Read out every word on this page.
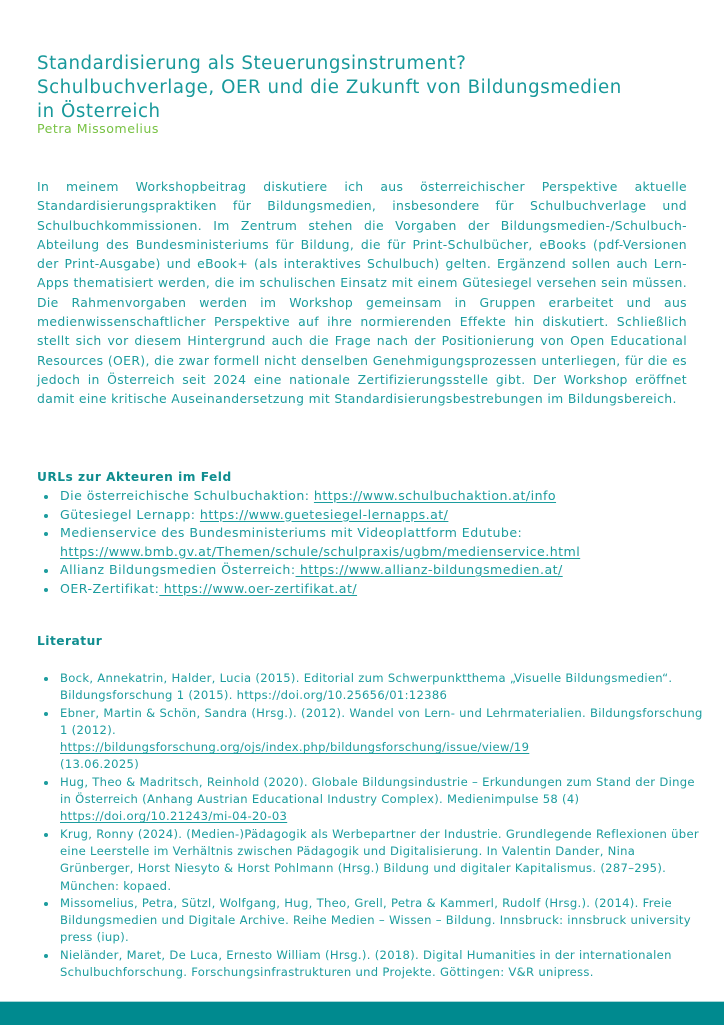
Standardisierung als Steuerungsinstrument?
Schulbuchverlage, OER und die Zukunft von Bildungsmedien
in Österreich
Petra Missomelius

In meinem Workshopbeitrag diskutiere ich aus österreichischer Perspektive aktuelle Standardisierungspraktiken für Bildungsmedien, insbesondere für Schulbuchverlage und Schulbuchkommissionen. Im Zentrum stehen die Vorgaben der Bildungsmedien-/Schulbuch-Abteilung des Bundesministeriums für Bildung, die für Print-Schulbücher, eBooks (pdf-Versionen der Print-Ausgabe) und eBook+ (als interaktives Schulbuch) gelten. Ergänzend sollen auch Lern-Apps thematisiert werden, die im schulischen Einsatz mit einem Gütesiegel versehen sein müssen. Die Rahmenvorgaben werden im Workshop gemeinsam in Gruppen erarbeitet und aus medienwissenschaftlicher Perspektive auf ihre normierenden Effekte hin diskutiert. Schließlich stellt sich vor diesem Hintergrund auch die Frage nach der Positionierung von Open Educational Resources (OER), die zwar formell nicht denselben Genehmigungsprozessen unterliegen, für die es jedoch in Österreich seit 2024 eine nationale Zertifizierungsstelle gibt. Der Workshop eröffnet damit eine kritische Auseinandersetzung mit Standardisierungsbestrebungen im Bildungsbereich.

URLs zur Akteuren im Feld
Die österreichische Schulbuchaktion: https://www.schulbuchaktion.at/info
Gütesiegel Lernapp: https://www.guetesiegel-lernapps.at/
Medienservice des Bundesministeriums mit Videoplattform Edutube:
https://www.bmb.gv.at/Themen/schule/schulpraxis/ugbm/medienservice.html
Allianz Bildungsmedien Österreich: https://www.allianz-bildungsmedien.at/
OER-Zertifikat: https://www.oer-zertifikat.at/
Literatur
Bock, Annekatrin, Halder, Lucia (2015). Editorial zum Schwerpunktthema „Visuelle Bildungsmedien“. Bildungsforschung 1 (2015). https://doi.org/10.25656/01:12386
Ebner, Martin & Schön, Sandra (Hrsg.). (2012). Wandel von Lern- und Lehrmaterialien. Bildungsforschung 1 (2012).
https://bildungsforschung.org/ojs/index.php/bildungsforschung/issue/view/19
(13.06.2025)
Hug, Theo & Madritsch, Reinhold (2020). Globale Bildungsindustrie – Erkundungen zum Stand der Dinge in Österreich (Anhang Austrian Educational Industry Complex). Medienimpulse 58 (4) https://doi.org/10.21243/mi-04-20-03
Krug, Ronny (2024). (Medien-)Pädagogik als Werbepartner der Industrie. Grundlegende Reflexionen über eine Leerstelle im Verhältnis zwischen Pädagogik und Digitalisierung. In Valentin Dander, Nina Grünberger, Horst Niesyto & Horst Pohlmann (Hrsg.) Bildung und digitaler Kapitalismus. (287–295). München: kopaed.
Missomelius, Petra, Sützl, Wolfgang, Hug, Theo, Grell, Petra & Kammerl, Rudolf (Hrsg.). (2014). Freie Bildungsmedien und Digitale Archive. Reihe Medien – Wissen – Bildung. Innsbruck: innsbruck university press (iup).
Nieländer, Maret, De Luca, Ernesto William (Hrsg.). (2018). Digital Humanities in der internationalen Schulbuchforschung. Forschungsinfrastrukturen und Projekte. Göttingen: V&R unipress.
